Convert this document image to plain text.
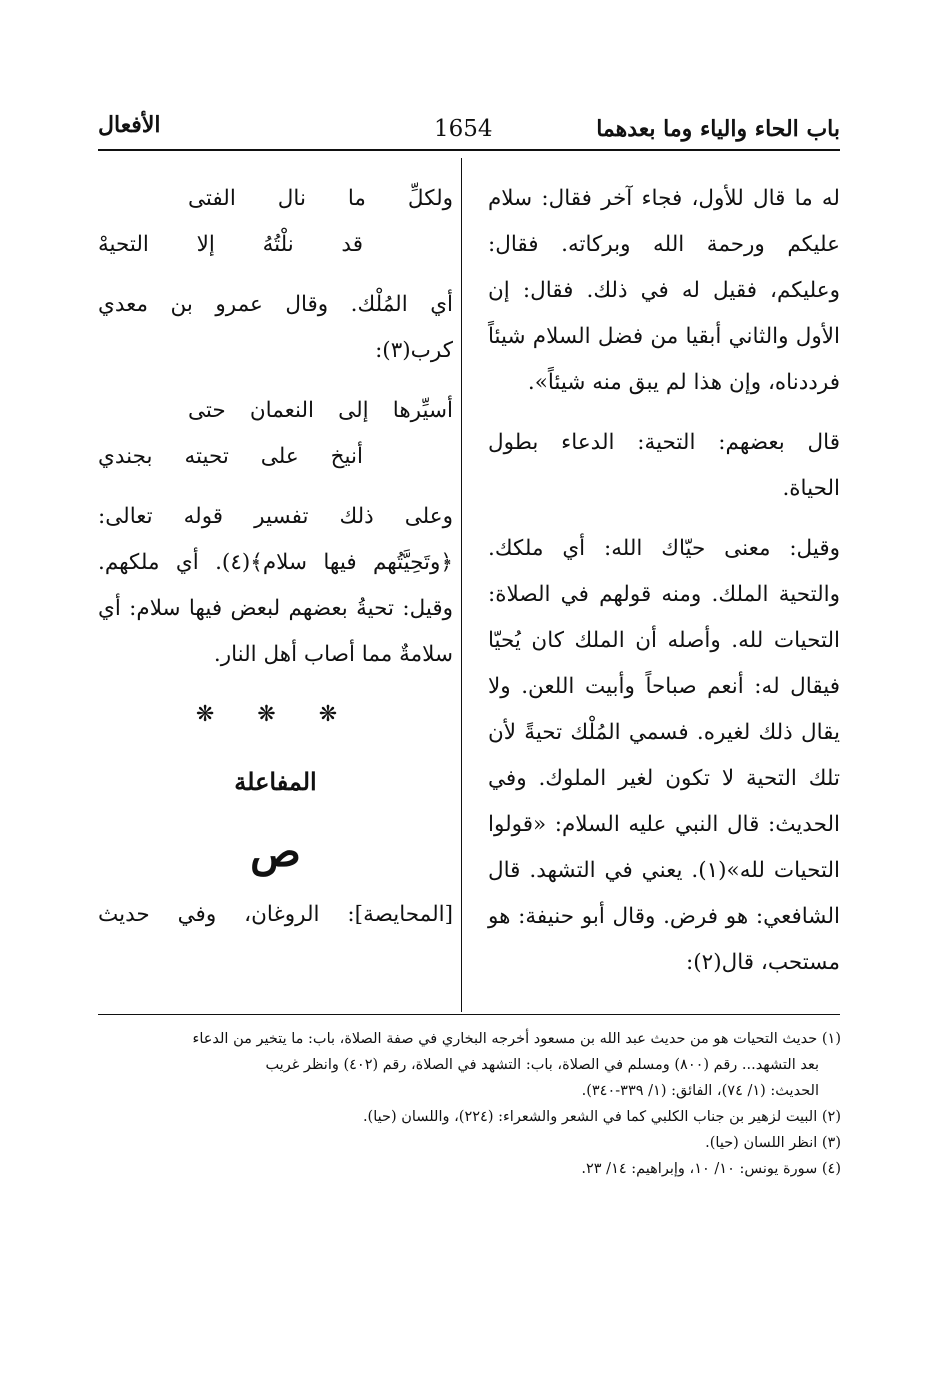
باب الحاء والياء وما بعدهما
1654
الأفعال
له ما قال للأول، فجاء آخر فقال: سلام
عليكم ورحمة الله وبركاته. فقال:
وعليكم، فقيل له في ذلك. فقال: إن
الأول والثاني أبقيا من فضل السلام شيئاً
فرددناه، وإن هذا لم يبق منه شيئاً».
قال بعضهم: التحية: الدعاء بطول
الحياة.
وقيل: معنى حيّاك الله: أي ملكك.
والتحية الملك. ومنه قولهم في الصلاة:
التحيات لله. وأصله أن الملك كان يُحيّا
فيقال له: أنعم صباحاً وأبيت اللعن. ولا
يقال ذلك لغيره. فسمي المُلْك تحيةً لأن
تلك التحية لا تكون لغير الملوك. وفي
الحديث: قال النبي عليه السلام: «قولوا
التحيات لله»(١). يعني في التشهد. قال
الشافعي: هو فرض. وقال أبو حنيفة: هو
مستحب، قال(٢):
ولكلِّ ما نال الفتى
قد نلْتُهُ إلا التحيهْ
أي المُلْك. وقال عمرو بن معدي
كرب(٣):
أسيِّرها إلى النعمان حتى
أنيخ على تحيته بجندي
وعلى ذلك تفسير قوله تعالى:
﴿وتَحِيَّتُهم فيها سلام﴾(٤). أي ملكهم.
وقيل: تحيةُ بعضهم لبعض فيها سلام: أي
سلامةٌ مما أصاب أهل النار.
❋ ❋ ❋
المفاعلة
ص
[المحايصة]: الروغان، وفي حديث
(١) حديث التحيات هو من حديث عبد الله بن مسعود أخرجه البخاري في صفة الصلاة، باب: ما يتخير من الدعاء
بعد التشهد... رقم (٨٠٠) ومسلم في الصلاة، باب: التشهد في الصلاة، رقم (٤٠٢) وانظر غريب
الحديث: (١/ ٧٤)، الفائق: (١/ ٣٣٩-٣٤٠).
(٢) البيت لزهير بن جناب الكلبي كما في الشعر والشعراء: (٢٢٤)، واللسان (حيا).
(٣) انظر اللسان (حيا).
(٤) سورة يونس: ١٠/ ١٠، وإبراهيم: ١٤/ ٢٣.
